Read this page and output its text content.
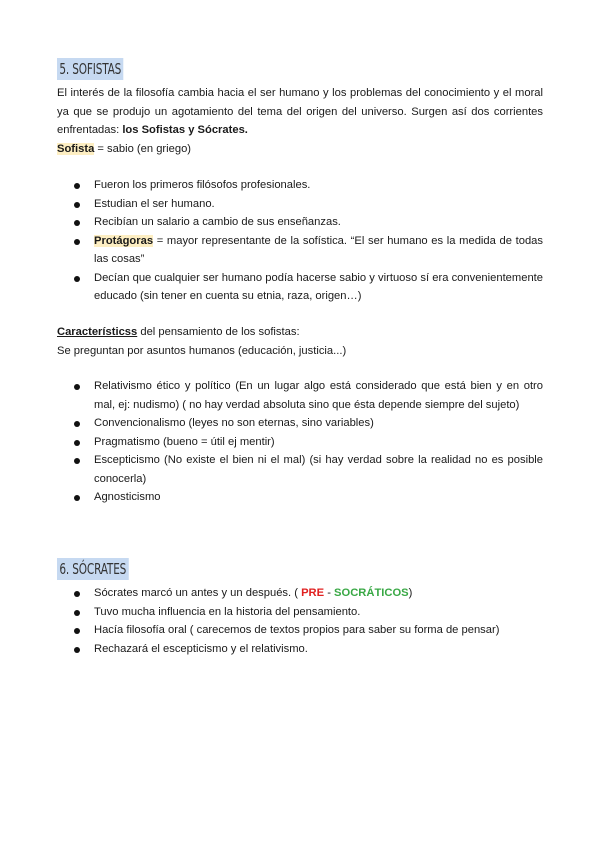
5. SOFISTAS
El interés de la filosofía cambia hacia el ser humano y los problemas del conocimiento y el moral ya que se produjo un agotamiento del tema del origen del universo. Surgen así dos corrientes enfrentadas: los Sofistas y Sócrates.
Sofista = sabio (en griego)
Fueron los primeros filósofos profesionales.
Estudian el ser humano.
Recibían un salario a cambio de sus enseñanzas.
Protágoras = mayor representante de la sofística. “El ser humano es la medida de todas las cosas”
Decían que cualquier ser humano podía hacerse sabio y virtuoso sí era convenientemente educado (sin tener en cuenta su etnia, raza, origen…)
Característicss del pensamiento de los sofistas:
Se preguntan por asuntos humanos (educación, justicia...)
Relativismo ético y político (En un lugar algo está considerado que está bien y en otro mal, ej: nudismo) ( no hay verdad absoluta sino que ésta depende siempre del sujeto)
Convencionalismo (leyes no son eternas, sino variables)
Pragmatismo (bueno = útil ej mentir)
Escepticismo (No existe el bien ni el mal) (si hay verdad sobre la realidad no es posible conocerla)
Agnosticismo
6. SÓCRATES
Sócrates marcó un antes y un después. ( PRE - SOCRÁTICOS)
Tuvo mucha influencia en la historia del pensamiento.
Hacía filosofía oral ( carecemos de textos propios para saber su forma de pensar)
Rechazará el escepticismo y el relativismo.
